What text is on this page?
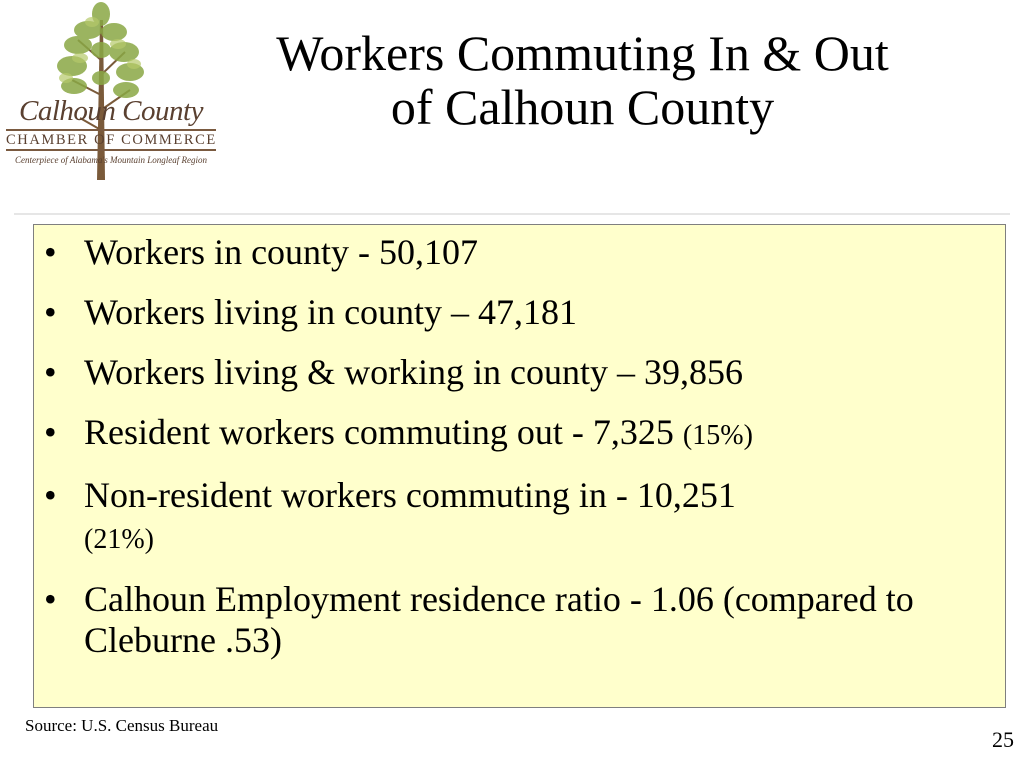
Calhoun County
CHAMBER OF COMMERCE
Centerpiece of Alabama's Mountain Longleaf Region
Workers Commuting In & Out
of Calhoun County
• Workers in county - 50,107
• Workers living in county – 47,181
• Workers living & working in county – 39,856
• Resident workers commuting out - 7,325 (15%)
• Non-resident workers commuting in - 10,251
(21%)
• Calhoun Employment residence ratio - 1.06 (compared to Cleburne .53)
Source: U.S. Census Bureau
25
